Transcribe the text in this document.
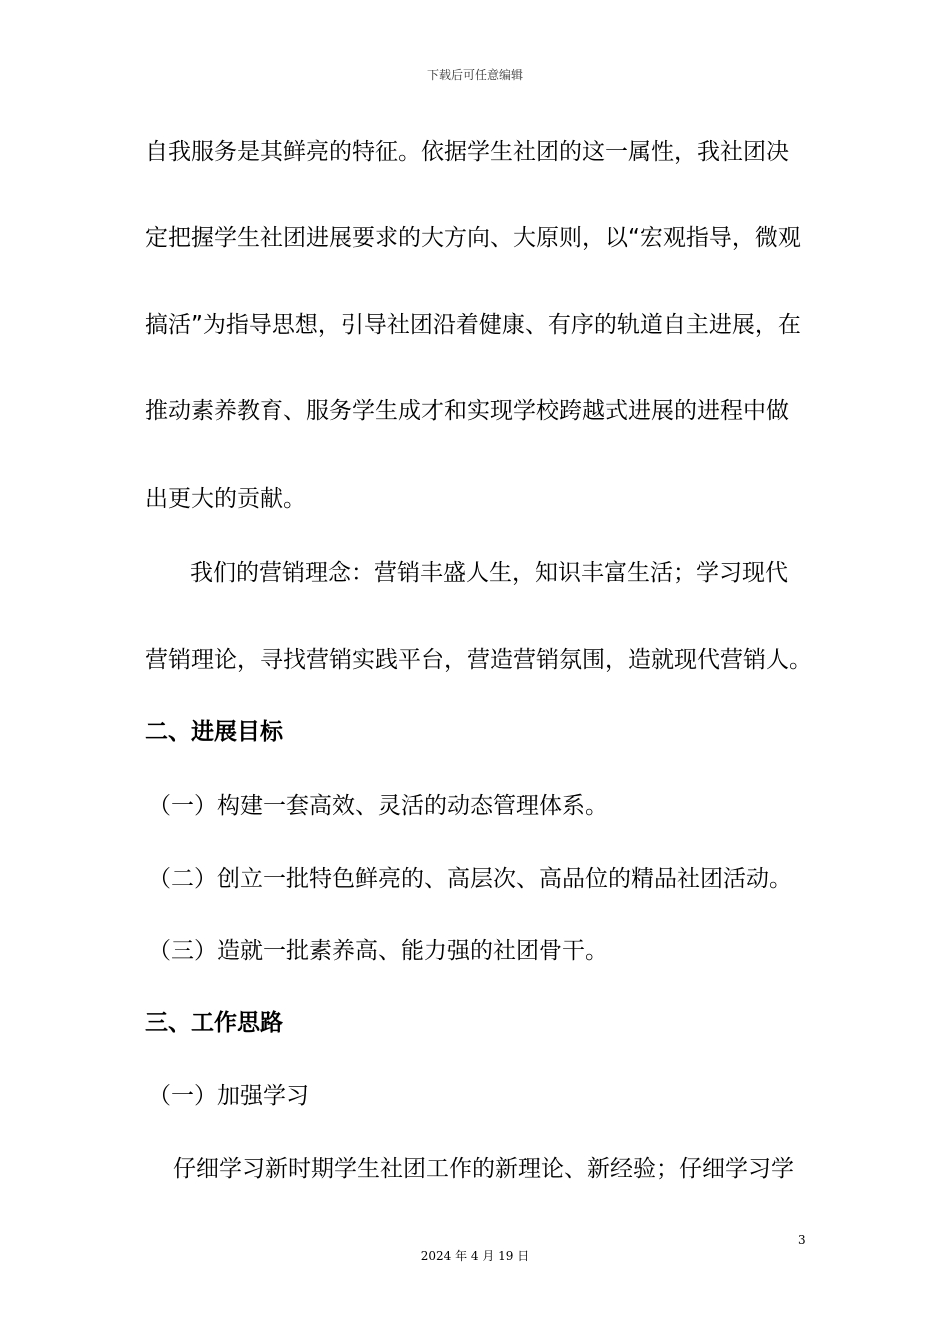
下载后可任意编辑
自我服务是其鲜亮的特征。依据学生社团的这一属性，我社团决
定把握学生社团进展要求的大方向、大原则，以“宏观指导，微观
搞活”为指导思想，引导社团沿着健康、有序的轨道自主进展，在
推动素养教育、服务学生成才和实现学校跨越式进展的进程中做
出更大的贡献。
我们的营销理念：营销丰盛人生，知识丰富生活；学习现代
营销理论，寻找营销实践平台，营造营销氛围，造就现代营销人。
二、进展目标
（一）构建一套高效、灵活的动态管理体系。
（二）创立一批特色鲜亮的、高层次、高品位的精品社团活动。
（三）造就一批素养高、能力强的社团骨干。
三、工作思路
（一）加强学习
仔细学习新时期学生社团工作的新理论、新经验；仔细学习学
3
2024 年 4 月 19 日
